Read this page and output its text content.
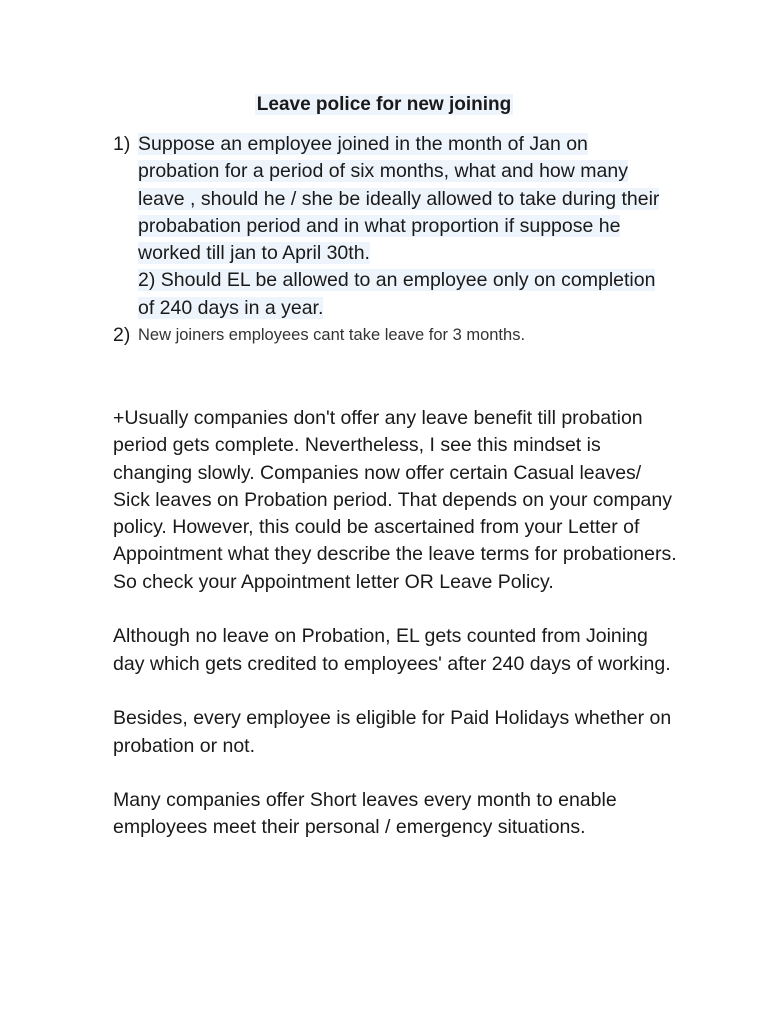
Leave police for new joining
1) Suppose an employee joined in the month of Jan on
probation for a period of six months, what and how many
leave , should he / she be ideally allowed to take during their
probabation period and in what proportion if suppose he
worked till jan to April 30th.
2) Should EL be allowed to an employee only on completion
of 240 days in a year.
2) New joiners employees cant take leave for 3 months.

+Usually companies don't offer any leave benefit till probation period gets complete. Nevertheless, I see this mindset is changing slowly. Companies now offer certain Casual leaves/ Sick leaves on Probation period. That depends on your company policy. However, this could be ascertained from your Letter of Appointment what they describe the leave terms for probationers. So check your Appointment letter OR Leave Policy.

Although no leave on Probation, EL gets counted from Joining day which gets credited to employees' after 240 days of working.

Besides, every employee is eligible for Paid Holidays whether on probation or not.

Many companies offer Short leaves every month to enable employees meet their personal / emergency situations.
